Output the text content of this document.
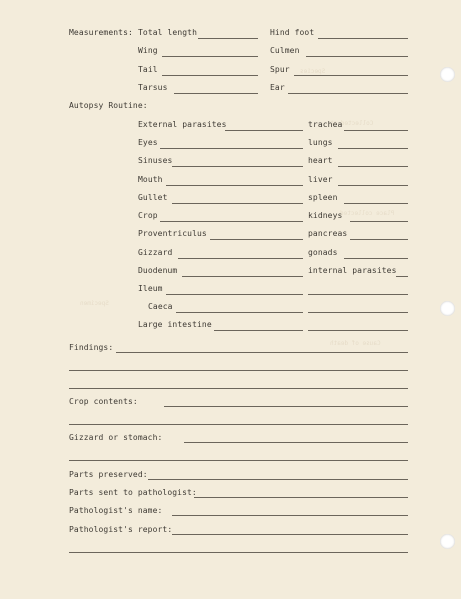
Species
Collected at
Place collected
Specimen
Cause of death
Measurements: Total length	Hind foot
Wing	Culmen
Tail	Spur
Tarsus	Ear
Autopsy Routine:
External parasites	trachea
Eyes	lungs
Sinuses	heart
Mouth	liver
Gullet	spleen
Crop	kidneys
Proventriculus	pancreas
Gizzard	gonads
Duodenum	internal parasites
Ileum
Caeca
Large intestine
Findings:
Crop contents:
Gizzard or stomach:
Parts preserved:
Parts sent to pathologist:
Pathologist's name:
Pathologist's report:
